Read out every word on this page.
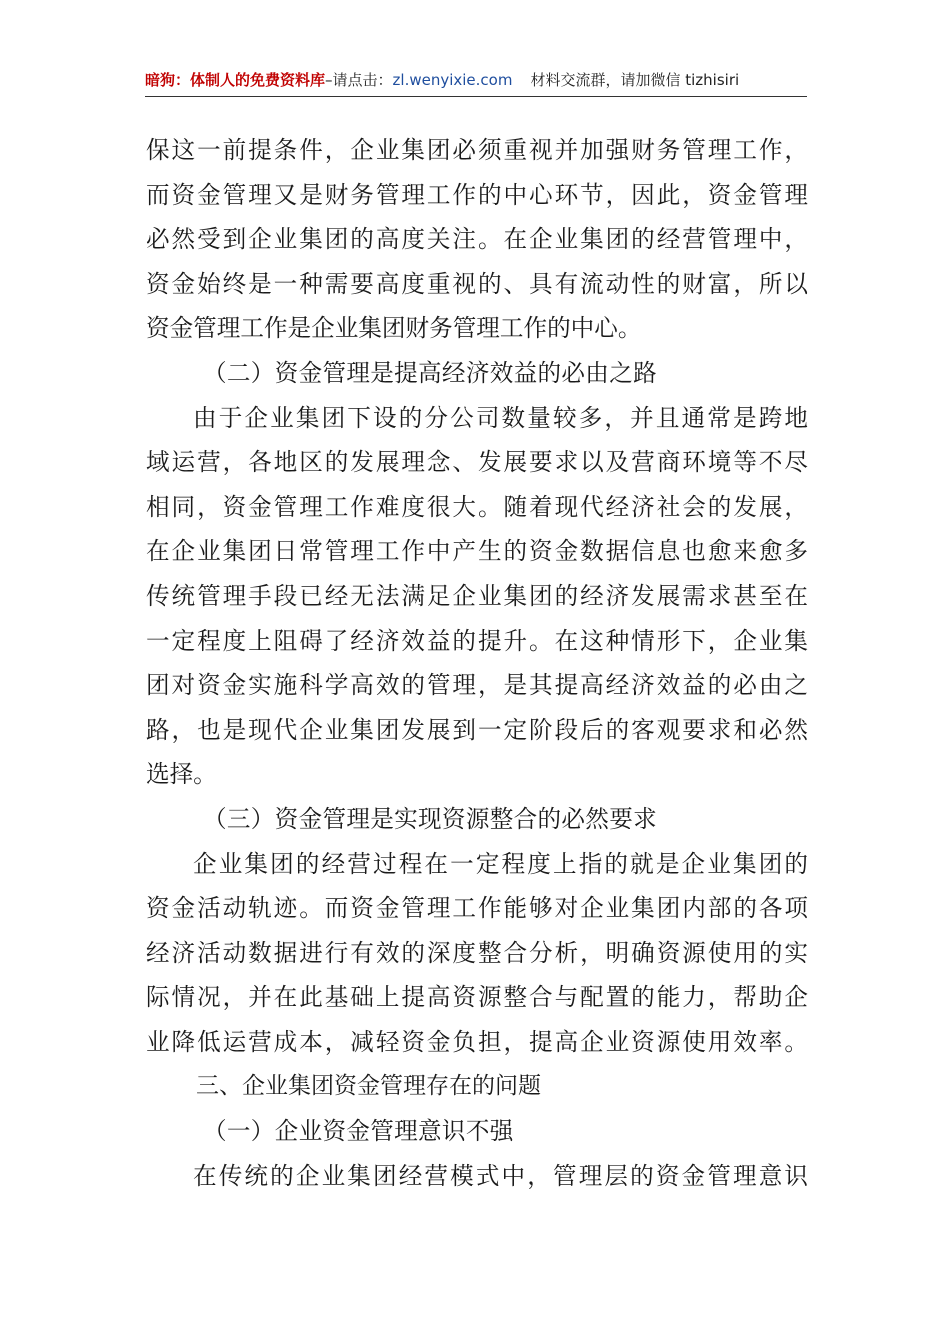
暗狗：体制人的免费资料库–请点击：zl.wenyixie.com 材料交流群，请加微信 tizhisiri
保这一前提条件，企业集团必须重视并加强财务管理工作，
而资金管理又是财务管理工作的中心环节，因此，资金管理
必然受到企业集团的高度关注。在企业集团的经营管理中，
资金始终是一种需要高度重视的、具有流动性的财富，所以
资金管理工作是企业集团财务管理工作的中心。
（二）资金管理是提高经济效益的必由之路
由于企业集团下设的分公司数量较多，并且通常是跨地
域运营，各地区的发展理念、发展要求以及营商环境等不尽
相同，资金管理工作难度很大。随着现代经济社会的发展，
在企业集团日常管理工作中产生的资金数据信息也愈来愈多
传统管理手段已经无法满足企业集团的经济发展需求甚至在
一定程度上阻碍了经济效益的提升。在这种情形下，企业集
团对资金实施科学高效的管理，是其提高经济效益的必由之
路，也是现代企业集团发展到一定阶段后的客观要求和必然
选择。
（三）资金管理是实现资源整合的必然要求
企业集团的经营过程在一定程度上指的就是企业集团的
资金活动轨迹。而资金管理工作能够对企业集团内部的各项
经济活动数据进行有效的深度整合分析，明确资源使用的实
际情况，并在此基础上提高资源整合与配置的能力，帮助企
业降低运营成本，减轻资金负担，提高企业资源使用效率。
三、企业集团资金管理存在的问题
（一）企业资金管理意识不强
在传统的企业集团经营模式中，管理层的资金管理意识
